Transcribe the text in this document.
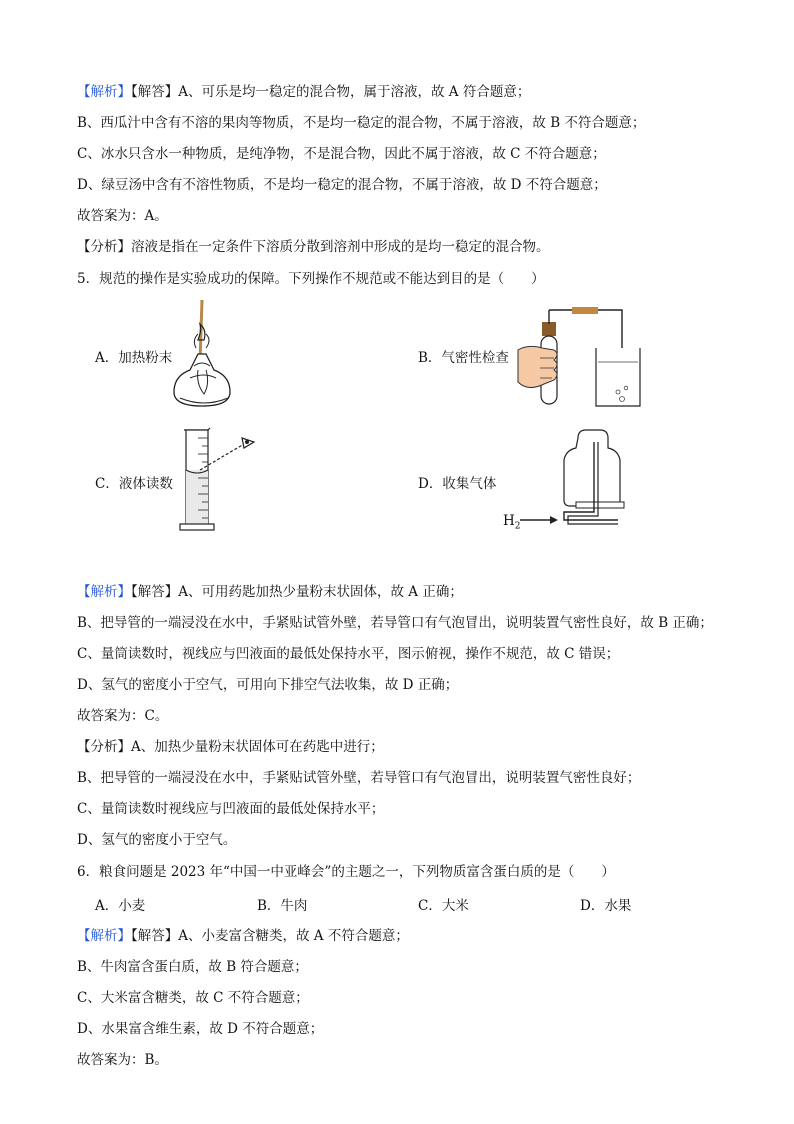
【解析】【解答】A、可乐是均一稳定的混合物，属于溶液，故 A 符合题意；
B、西瓜汁中含有不溶的果肉等物质，不是均一稳定的混合物，不属于溶液，故 B 不符合题意；
C、冰水只含水一种物质，是纯净物，不是混合物，因此不属于溶液，故 C 不符合题意；
D、绿豆汤中含有不溶性物质，不是均一稳定的混合物，不属于溶液，故 D 不符合题意；
故答案为：A。
【分析】溶液是指在一定条件下溶质分散到溶剂中形成的是均一稳定的混合物。
5．规范的操作是实验成功的保障。下列操作不规范或不能达到目的是（　　）
A．加热粉末	B．气密性检查
C．液体读数	D．收集气体
$H_2$
【解析】【解答】A、可用药匙加热少量粉末状固体，故 A 正确；
B、把导管的一端浸没在水中，手紧贴试管外壁，若导管口有气泡冒出，说明装置气密性良好，故 B 正确；
C、量筒读数时，视线应与凹液面的最低处保持水平，图示俯视，操作不规范，故 C 错误；
D、氢气的密度小于空气，可用向下排空气法收集，故 D 正确；
故答案为：C。
【分析】A、加热少量粉末状固体可在药匙中进行；
B、把导管的一端浸没在水中，手紧贴试管外壁，若导管口有气泡冒出，说明装置气密性良好；
C、量筒读数时视线应与凹液面的最低处保持水平；
D、氢气的密度小于空气。
6．粮食问题是 2023 年“中国一中亚峰会”的主题之一，下列物质富含蛋白质的是（　　）
A．小麦	B．牛肉	C．大米	D．水果
【解析】【解答】A、小麦富含糖类，故 A 不符合题意；
B、牛肉富含蛋白质，故 B 符合题意；
C、大米富含糖类，故 C 不符合题意；
D、水果富含维生素，故 D 不符合题意；
故答案为：B。
